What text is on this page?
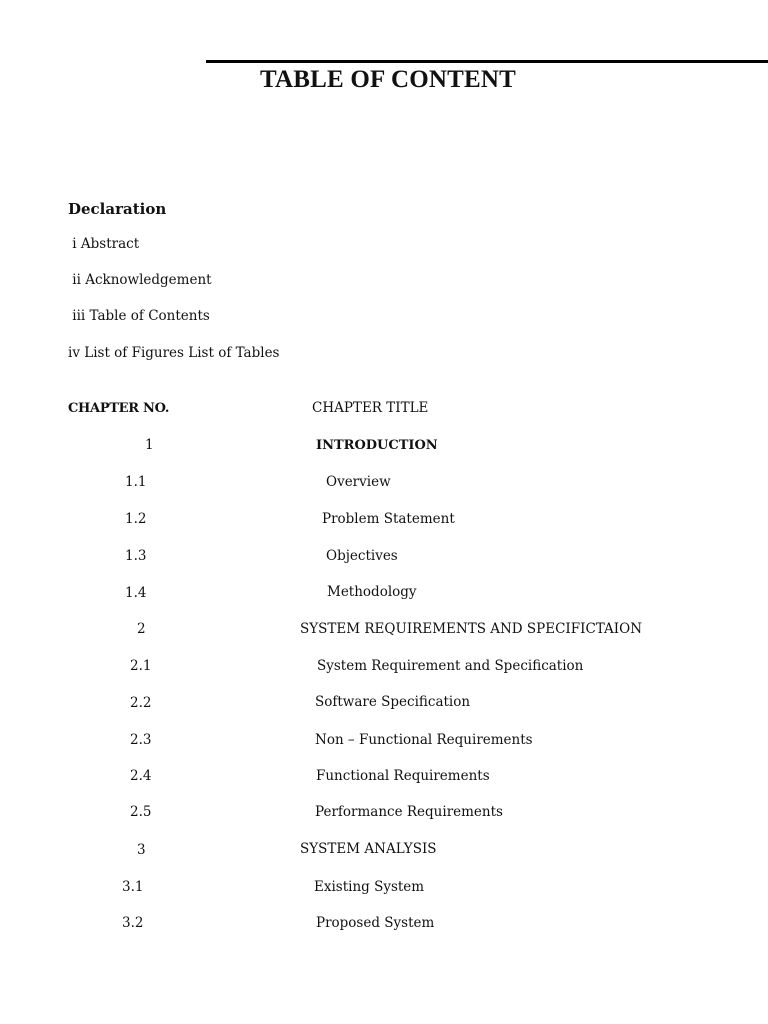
TABLE OF CONTENT
Declaration
i Abstract
ii Acknowledgement
iii Table of Contents
iv List of Figures List of Tables
CHAPTER NO.	CHAPTER TITLE
1	INTRODUCTION
1.1	Overview
1.2	Problem Statement
1.3	Objectives
1.4	Methodology
2	SYSTEM REQUIREMENTS AND SPECIFICTAION
2.1	System Requirement and Specification
2.2	Software Specification
2.3	Non – Functional Requirements
2.4	Functional Requirements
2.5	Performance Requirements
3	SYSTEM ANALYSIS
3.1	Existing System
3.2	Proposed System
